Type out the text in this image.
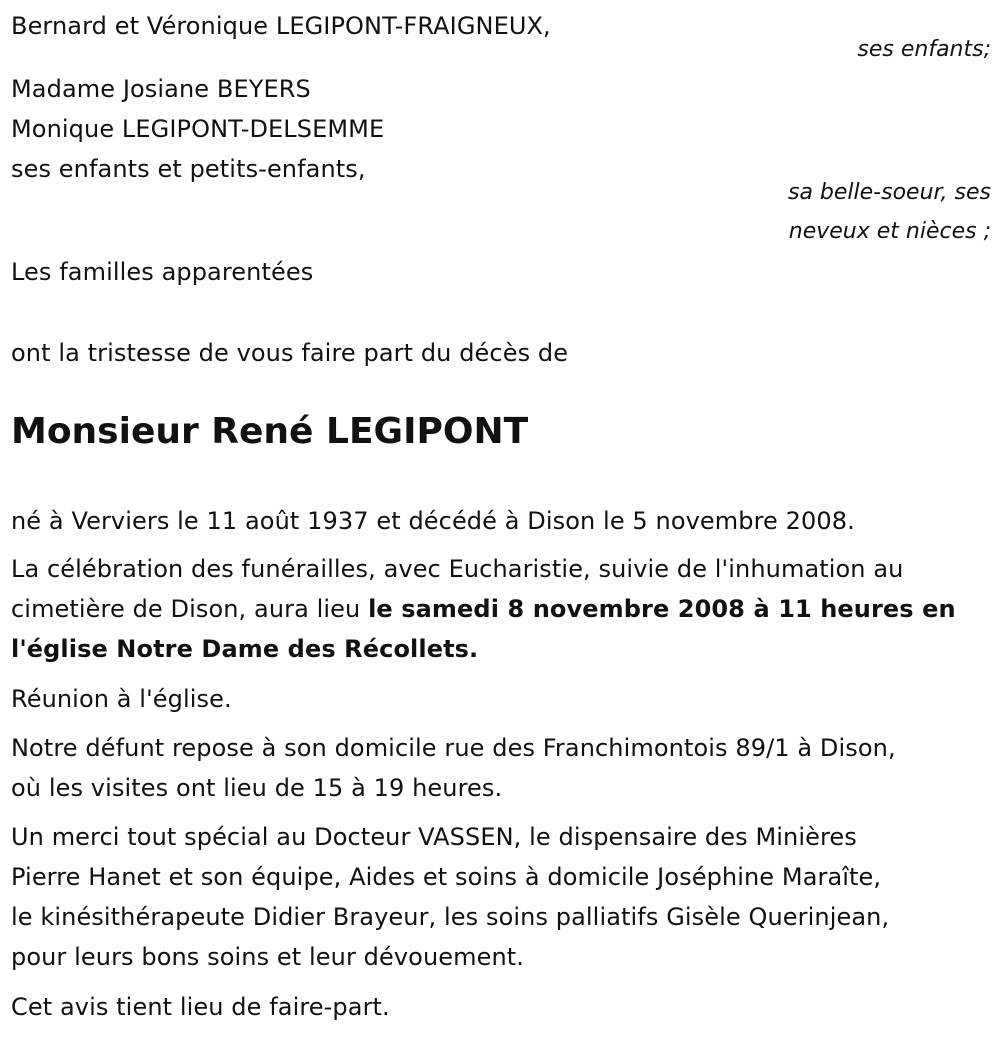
Bernard et Véronique LEGIPONT-FRAIGNEUX,
ses enfants;
Madame Josiane BEYERS
Monique LEGIPONT-DELSEMME
ses enfants et petits-enfants,
sa belle-soeur, ses
neveux et nièces ;
Les familles apparentées
ont la tristesse de vous faire part du décès de
Monsieur René LEGIPONT
né à Verviers le 11 août 1937 et décédé à Dison le 5 novembre 2008.
La célébration des funérailles, avec Eucharistie, suivie de l'inhumation au
cimetière de Dison, aura lieu le samedi 8 novembre 2008 à 11 heures en
l'église Notre Dame des Récollets.
Réunion à l'église.
Notre défunt repose à son domicile rue des Franchimontois 89/1 à Dison,
où les visites ont lieu de 15 à 19 heures.
Un merci tout spécial au Docteur VASSEN, le dispensaire des Minières
Pierre Hanet et son équipe, Aides et soins à domicile Joséphine Maraîte,
le kinésithérapeute Didier Brayeur, les soins palliatifs Gisèle Querinjean,
pour leurs bons soins et leur dévouement.
Cet avis tient lieu de faire-part.
